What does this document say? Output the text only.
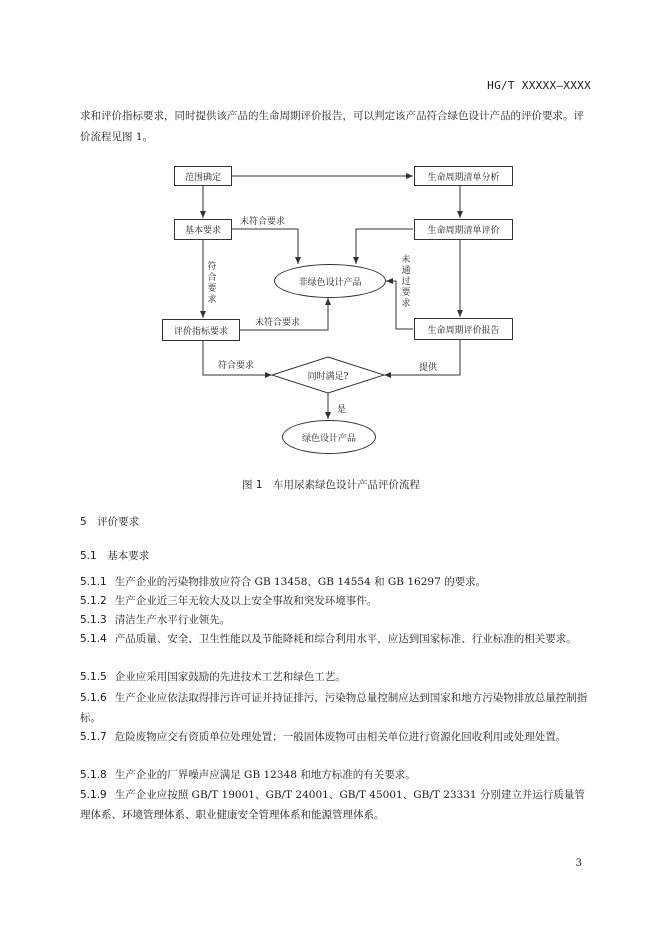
HG/T XXXXX—XXXX
求和评价指标要求，同时提供该产品的生命周期评价报告，可以判定该产品符合绿色设计产品的评价要求。评价流程见图 1。
范围确定	生命周期清单分析
基本要求	生命周期清单评价
非绿色设计产品
评价指标要求	生命周期评价报告
同时满足?
绿色设计产品
未符合要求
符
合
要
求
未
通
过
要
求
未符合要求
符合要求	提供
是
图 1　车用尿素绿色设计产品评价流程
5　评价要求
5.1　基本要求
5.1.1 生产企业的污染物排放应符合 GB 13458、GB 14554 和 GB 16297 的要求。
5.1.2 生产企业近三年无较大及以上安全事故和突发环境事件。
5.1.3 清洁生产水平行业领先。
5.1.4 产品质量、安全、卫生性能以及节能降耗和综合利用水平，应达到国家标准、行业标准的相关要求。
5.1.5 企业应采用国家鼓励的先进技术工艺和绿色工艺。
5.1.6 生产企业应依法取得排污许可证并持证排污，污染物总量控制应达到国家和地方污染物排放总量控制指标。
5.1.7 危险废物应交有资质单位处理处置；一般固体废物可由相关单位进行资源化回收利用或处理处置。
5.1.8 生产企业的厂界噪声应满足 GB 12348 和地方标准的有关要求。
5.1.9 生产企业应按照 GB/T 19001、GB/T 24001、GB/T 45001、GB/T 23331 分别建立并运行质量管理体系、环境管理体系、职业健康安全管理体系和能源管理体系。
3
